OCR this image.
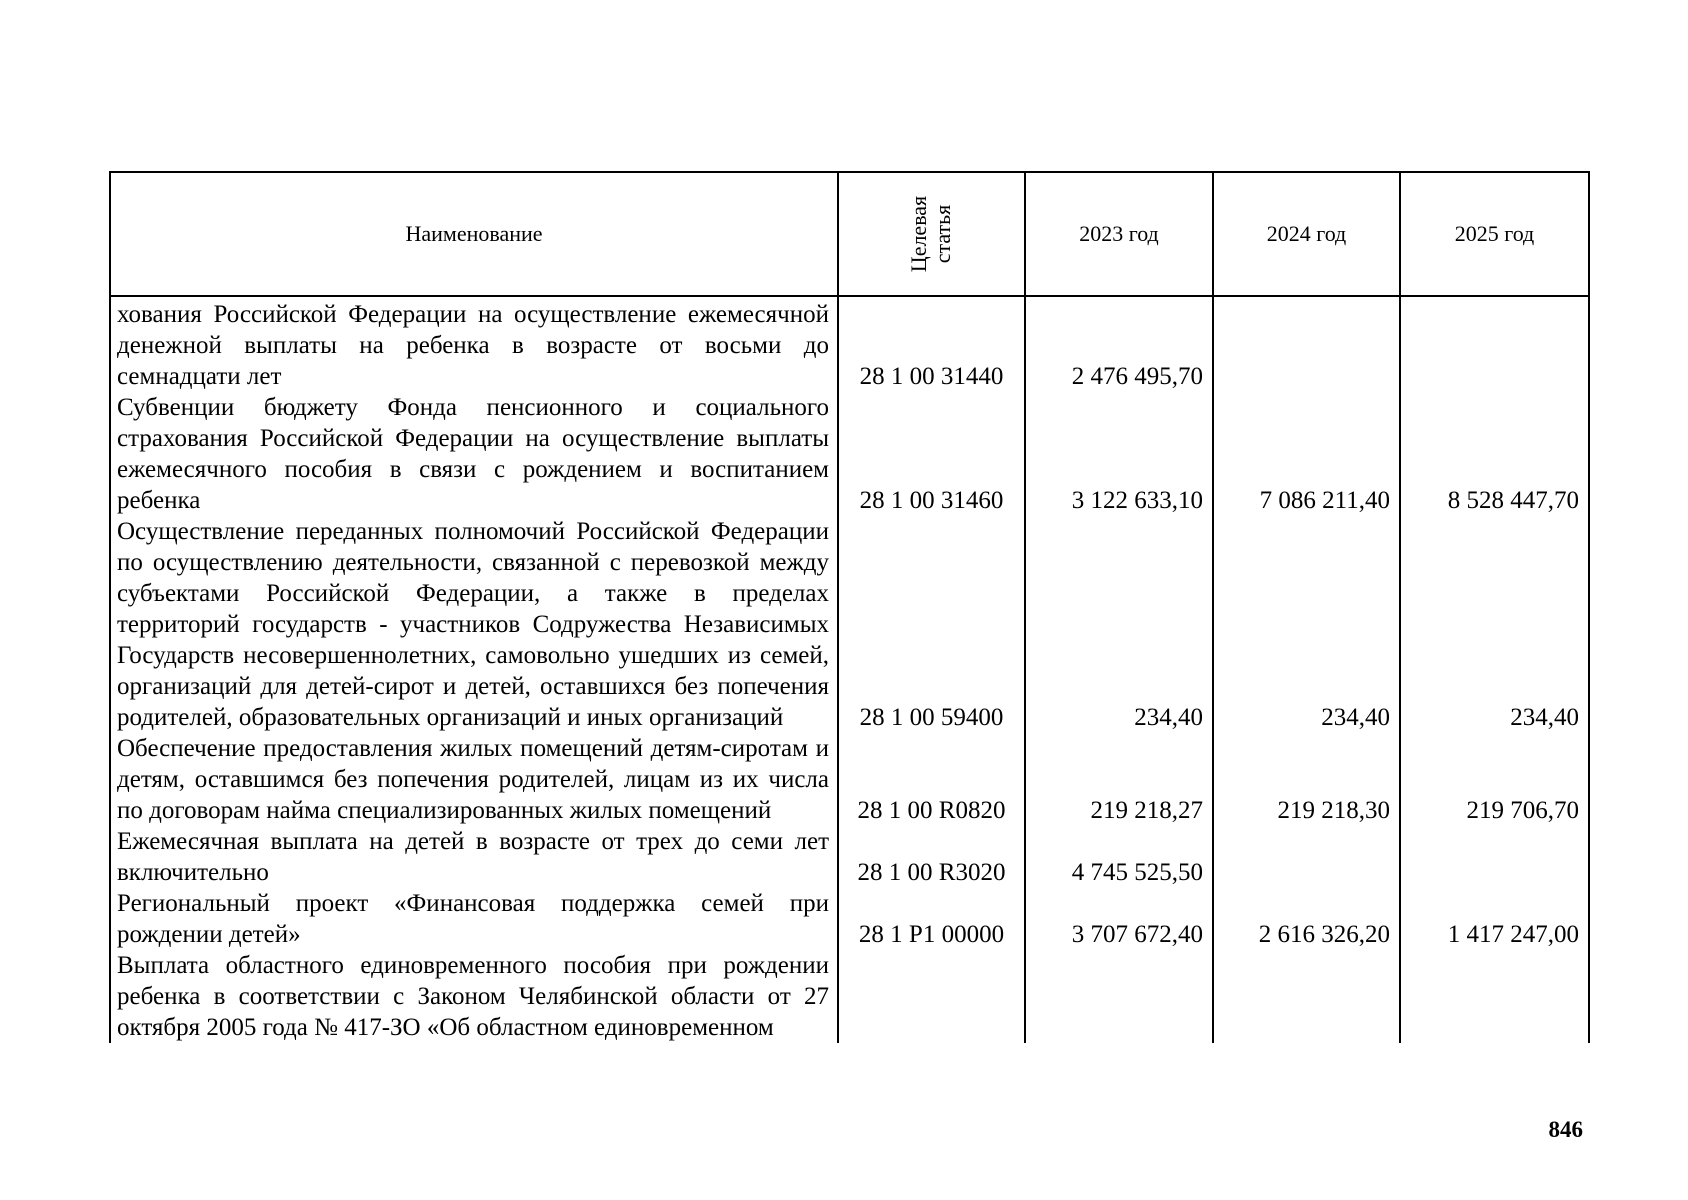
Наименование	Целевая статья	2023 год	2024 год	2025 год
хования Российской Федерации на осуществление ежемесячной денежной выплаты на ребенка в возрасте от восьми до семнадцати лет	28 1 00 31440	2 476 495,70		
Субвенции бюджету Фонда пенсионного и социального страхования Российской Федерации на осуществление выплаты ежемесячного пособия в связи с рождением и воспитанием ребенка	28 1 00 31460	3 122 633,10	7 086 211,40	8 528 447,70
Осуществление переданных полномочий Российской Федерации по осуществлению деятельности, связанной с перевозкой между субъектами Российской Федерации, а также в пределах территорий государств - участников Содружества Независимых Государств несовершеннолетних, самовольно ушедших из семей, организаций для детей-сирот и детей, оставшихся без попечения родителей, образовательных организаций и иных организаций	28 1 00 59400	234,40	234,40	234,40
Обеспечение предоставления жилых помещений детям-сиротам и детям, оставшимся без попечения родителей, лицам из их числа по договорам найма специализированных жилых помещений	28 1 00 R0820	219 218,27	219 218,30	219 706,70
Ежемесячная выплата на детей в возрасте от трех до семи лет включительно	28 1 00 R3020	4 745 525,50		
Региональный проект «Финансовая поддержка семей при рождении детей»	28 1 P1 00000	3 707 672,40	2 616 326,20	1 417 247,00
Выплата областного единовременного пособия при рождении ребенка в соответствии с Законом Челябинской области от 27 октября 2005 года № 417-ЗО «Об областном единовременном				
846
